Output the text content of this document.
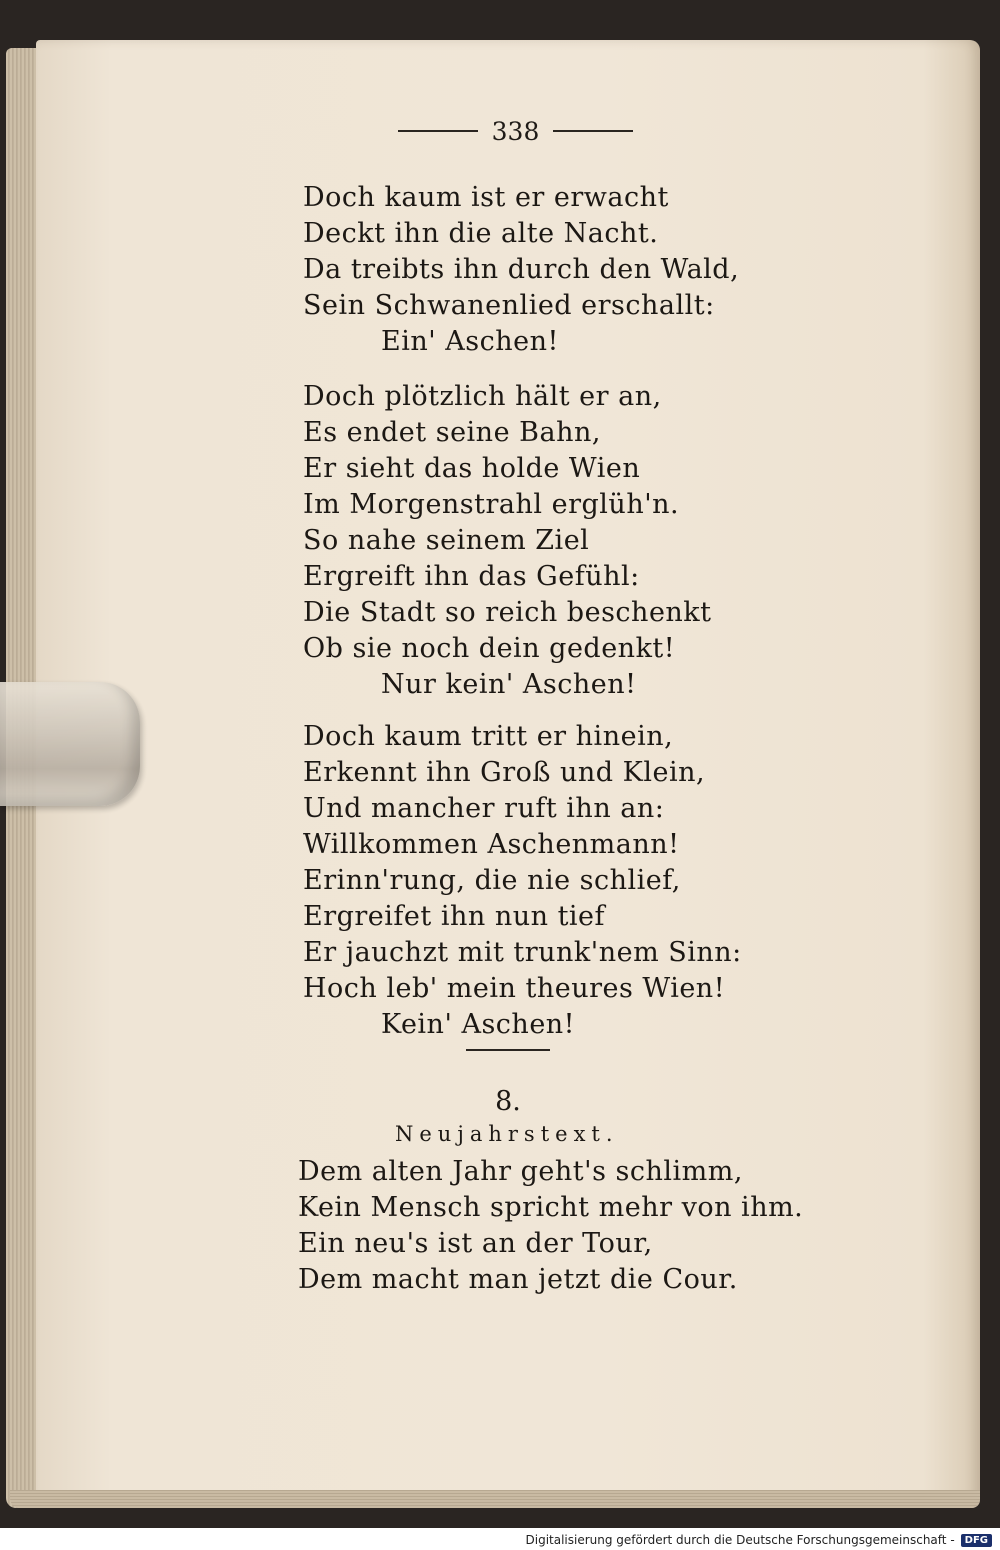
338
Doch kaum ist er erwacht
Deckt ihn die alte Nacht.
Da treibts ihn durch den Wald,
Sein Schwanenlied erschallt:
Ein' Aschen!
Doch plötzlich hält er an,
Es endet seine Bahn,
Er sieht das holde Wien
Im Morgenstrahl erglüh'n.
So nahe seinem Ziel
Ergreift ihn das Gefühl:
Die Stadt so reich beschenkt
Ob sie noch dein gedenkt!
Nur kein' Aschen!
Doch kaum tritt er hinein,
Erkennt ihn Groß und Klein,
Und mancher ruft ihn an:
Willkommen Aschenmann!
Erinn'rung, die nie schlief,
Ergreifet ihn nun tief
Er jauchzt mit trunk'nem Sinn:
Hoch leb' mein theures Wien!
Kein' Aschen!
8.
Neujahrstext.
Dem alten Jahr geht's schlimm,
Kein Mensch spricht mehr von ihm.
Ein neu's ist an der Tour,
Dem macht man jetzt die Cour.
Digitalisierung gefördert durch die Deutsche Forschungsgemeinschaft -	DFG
